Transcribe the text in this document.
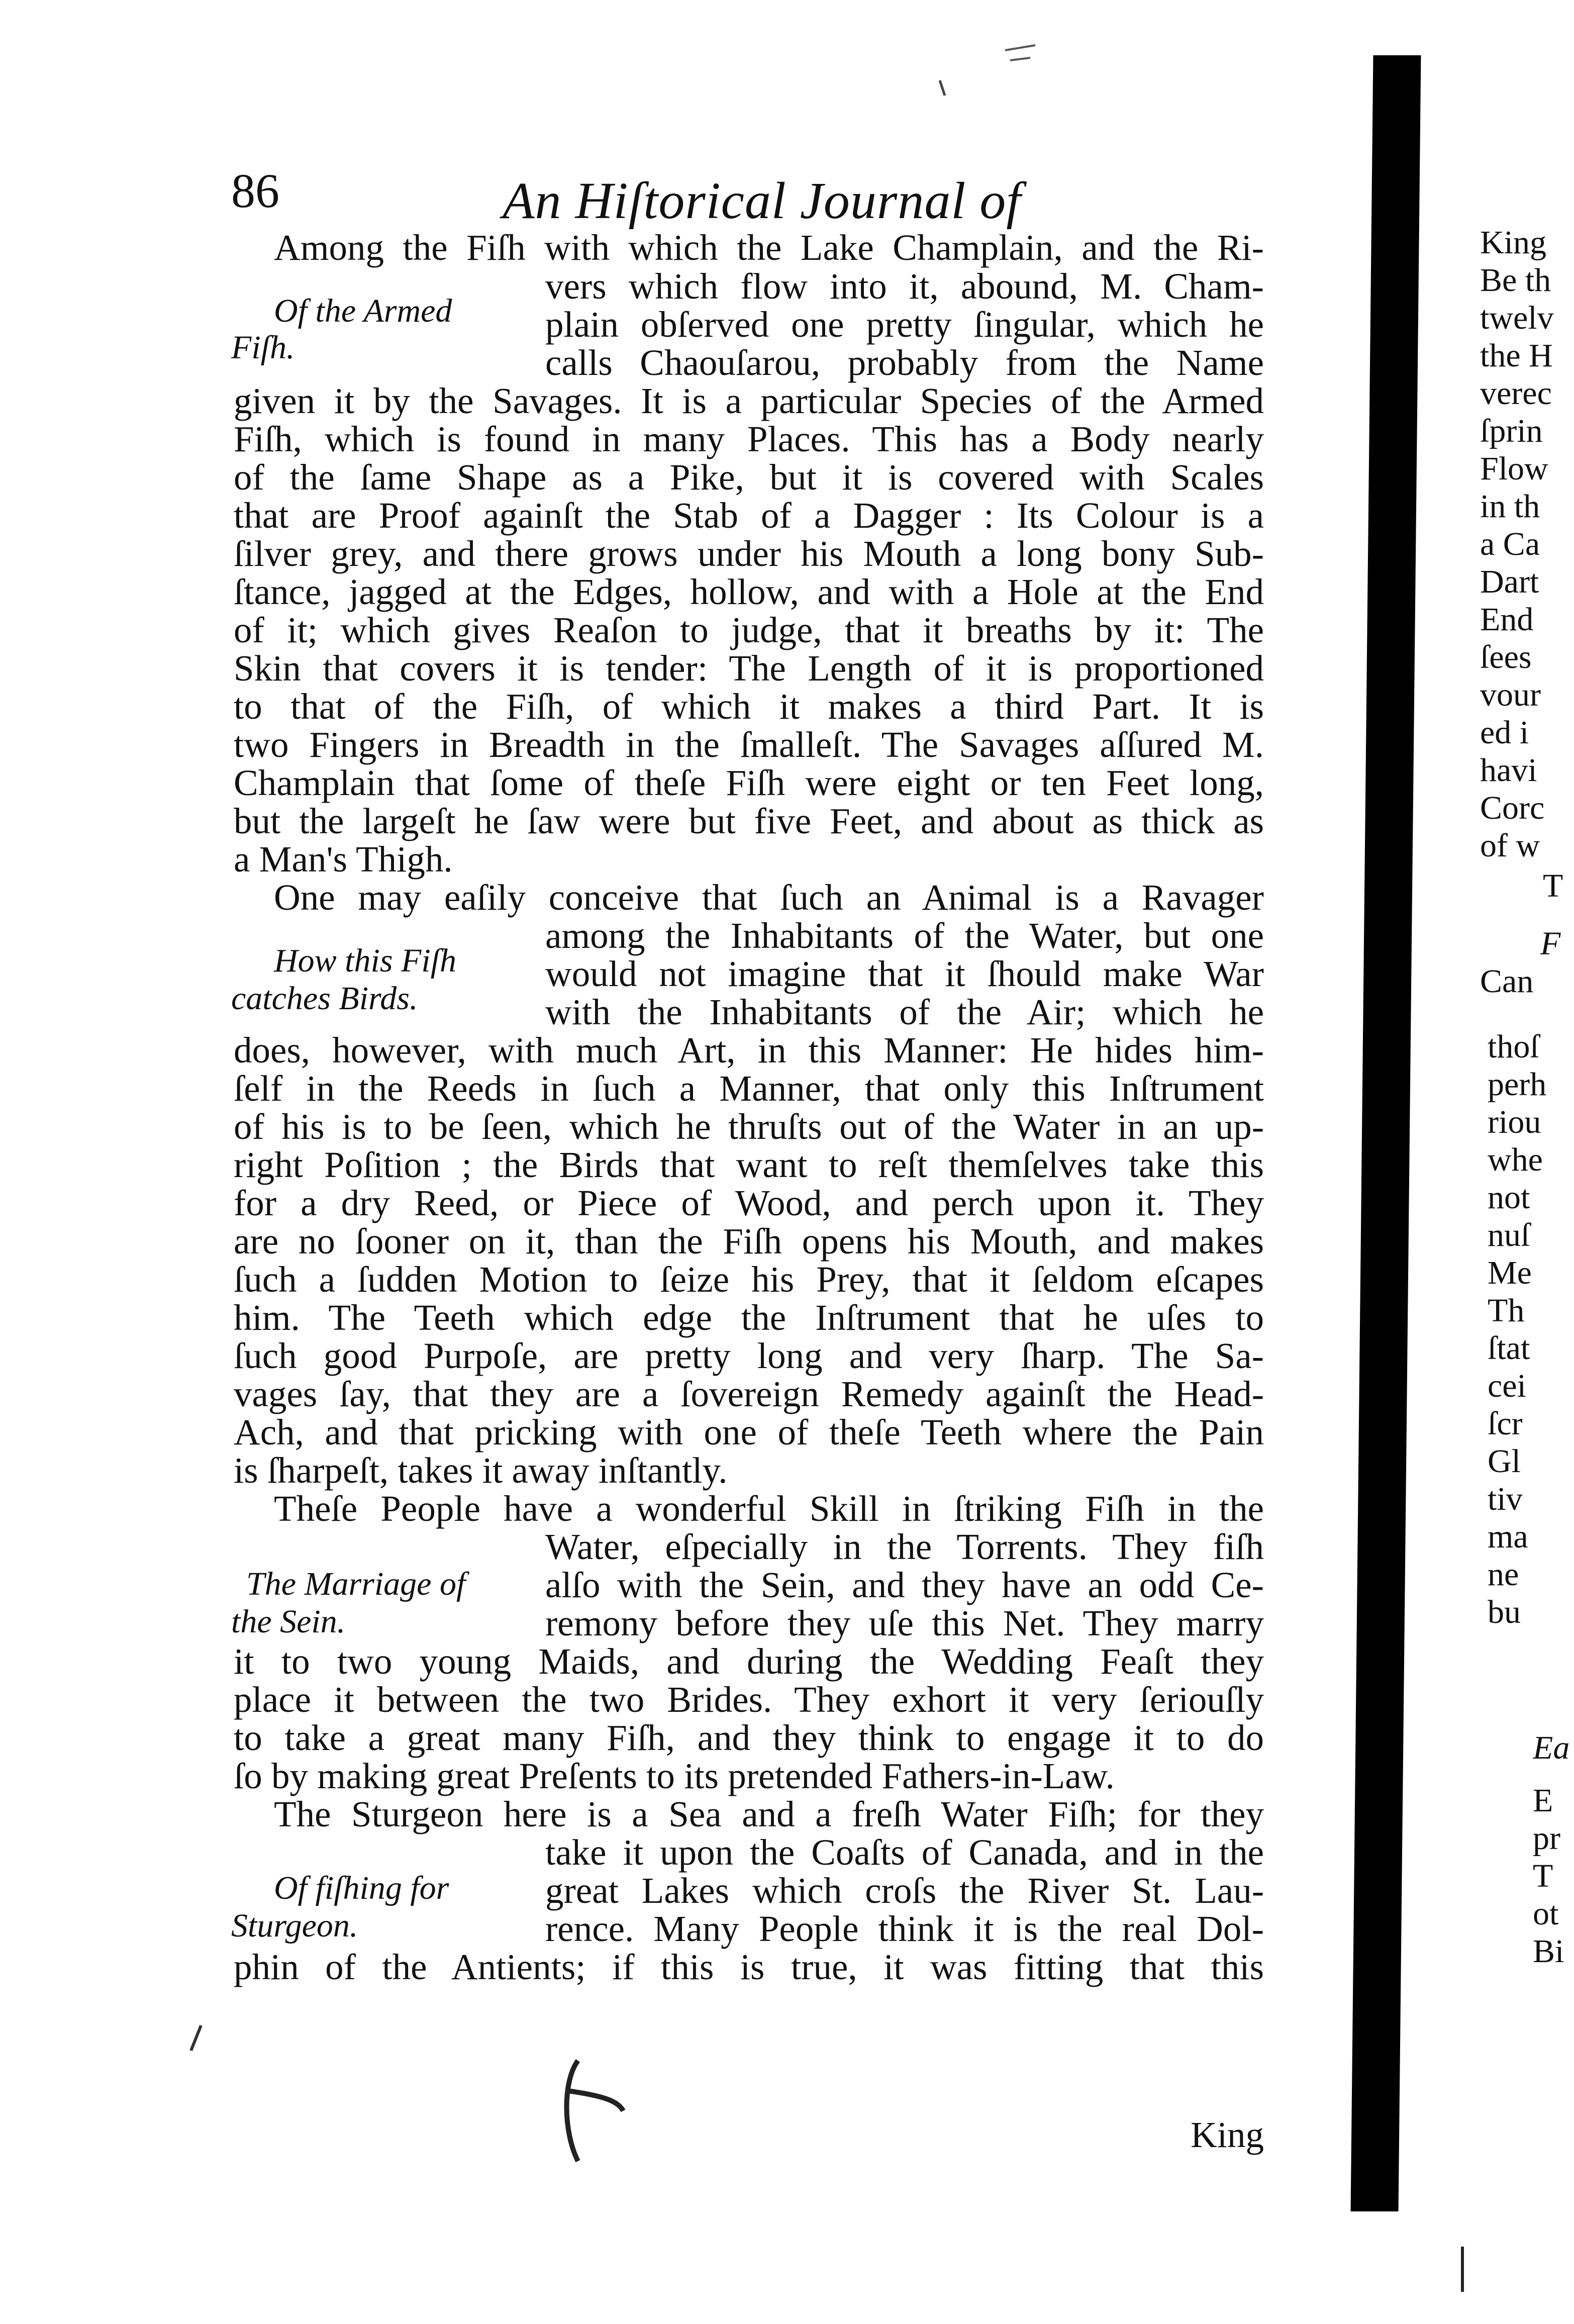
86	An Hiſtorical Journal of
Among the Fiſh with which the Lake Champlain, and the Ri-
vers which flow into it, abound, M. Cham-
plain obſerved one pretty ſingular, which he
calls Chaouſarou, probably from the Name
given it by the Savages. It is a particular Species of the Armed
Fiſh, which is found in many Places. This has a Body nearly
of the ſame Shape as a Pike, but it is covered with Scales
that are Proof againſt the Stab of a Dagger : Its Colour is a
ſilver grey, and there grows under his Mouth a long bony Sub-
ſtance, jagged at the Edges, hollow, and with a Hole at the End
of it; which gives Reaſon to judge, that it breaths by it: The
Skin that covers it is tender: The Length of it is proportioned
to that of the Fiſh, of which it makes a third Part. It is
two Fingers in Breadth in the ſmalleſt. The Savages aſſured M.
Champlain that ſome of theſe Fiſh were eight or ten Feet long,
but the largeſt he ſaw were but five Feet, and about as thick as
a Man's Thigh.
One may eaſily conceive that ſuch an Animal is a Ravager
among the Inhabitants of the Water, but one
would not imagine that it ſhould make War
with the Inhabitants of the Air; which he
does, however, with much Art, in this Manner: He hides him-
ſelf in the Reeds in ſuch a Manner, that only this Inſtrument
of his is to be ſeen, which he thruſts out of the Water in an up-
right Poſition ; the Birds that want to reſt themſelves take this
for a dry Reed, or Piece of Wood, and perch upon it. They
are no ſooner on it, than the Fiſh opens his Mouth, and makes
ſuch a ſudden Motion to ſeize his Prey, that it ſeldom eſcapes
him. The Teeth which edge the Inſtrument that he uſes to
ſuch good Purpoſe, are pretty long and very ſharp. The Sa-
vages ſay, that they are a ſovereign Remedy againſt the Head-
Ach, and that pricking with one of theſe Teeth where the Pain
is ſharpeſt, takes it away inſtantly.
Theſe People have a wonderful Skill in ſtriking Fiſh in the
Water, eſpecially in the Torrents. They fiſh
alſo with the Sein, and they have an odd Ce-
remony before they uſe this Net. They marry
it to two young Maids, and during the Wedding Feaſt they
place it between the two Brides. They exhort it very ſeriouſly
to take a great many Fiſh, and they think to engage it to do
ſo by making great Preſents to its pretended Fathers-in-Law.
The Sturgeon here is a Sea and a freſh Water Fiſh; for they
take it upon the Coaſts of Canada, and in the
great Lakes which croſs the River St. Lau-
rence. Many People think it is the real Dol-
phin of the Antients; if this is true, it was fitting that this
King
Of the Armed
Fiſh.
How this Fiſh
catches Birds.
The Marriage of
the Sein.
Of fiſhing for
Sturgeon.
King
Be th
twelv
the H
verec
ſprin
Flow
in th
a Ca
Dart
End
ſees
vour
ed i
havi
Corc
of w
T
F
Can
thoſ
perh
riou
whe
not
nuſ
Me
Th
ſtat
cei
ſcr
Gl
tiv
ma
ne
bu
Ea
E
pr
T
ot
Bi
